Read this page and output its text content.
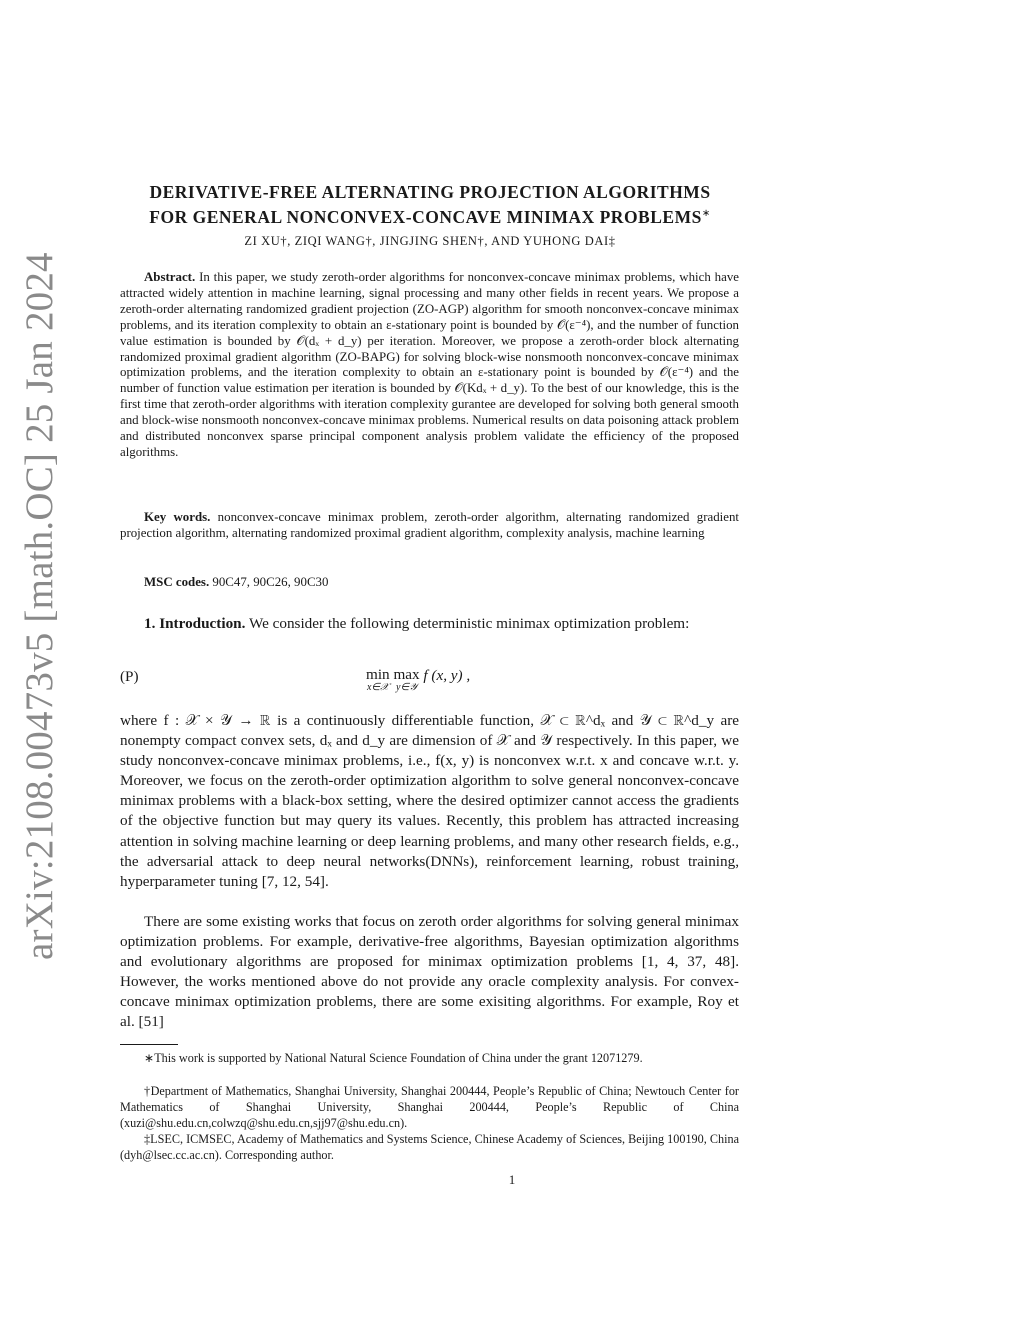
arXiv:2108.00473v5 [math.OC] 25 Jan 2024
DERIVATIVE-FREE ALTERNATING PROJECTION ALGORITHMS
FOR GENERAL NONCONVEX-CONCAVE MINIMAX PROBLEMS∗
ZI XU†, ZIQI WANG†, JINGJING SHEN†, AND YUHONG DAI‡

Abstract. In this paper, we study zeroth-order algorithms for nonconvex-concave minimax problems, which have attracted widely attention in machine learning, signal processing and many other fields in recent years. We propose a zeroth-order alternating randomized gradient projection (ZO-AGP) algorithm for smooth nonconvex-concave minimax problems, and its iteration complexity to obtain an ε-stationary point is bounded by 𝒪(ε⁻⁴), and the number of function value estimation is bounded by 𝒪(dₓ + d_y) per iteration. Moreover, we propose a zeroth-order block alternating randomized proximal gradient algorithm (ZO-BAPG) for solving block-wise nonsmooth nonconvex-concave minimax optimization problems, and the iteration complexity to obtain an ε-stationary point is bounded by 𝒪(ε⁻⁴) and the number of function value estimation per iteration is bounded by 𝒪(Kdₓ + d_y). To the best of our knowledge, this is the first time that zeroth-order algorithms with iteration complexity gurantee are developed for solving both general smooth and block-wise nonsmooth nonconvex-concave minimax problems. Numerical results on data poisoning attack problem and distributed nonconvex sparse principal component analysis problem validate the efficiency of the proposed algorithms.

Key words. nonconvex-concave minimax problem, zeroth-order algorithm, alternating randomized gradient projection algorithm, alternating randomized proximal gradient algorithm, complexity analysis, machine learning

MSC codes. 90C47, 90C26, 90C30

1. Introduction. We consider the following deterministic minimax optimization problem:

(P)	min
x∈𝒳
max
y∈𝒴
f (x, y) ,

where f : 𝒳 × 𝒴 → ℝ is a continuously differentiable function, 𝒳 ⊂ ℝ^dₓ and 𝒴 ⊂ ℝ^d_y are nonempty compact convex sets, dₓ and d_y are dimension of 𝒳 and 𝒴 respectively. In this paper, we study nonconvex-concave minimax problems, i.e., f(x, y) is nonconvex w.r.t. x and concave w.r.t. y. Moreover, we focus on the zeroth-order optimization algorithm to solve general nonconvex-concave minimax problems with a black-box setting, where the desired optimizer cannot access the gradients of the objective function but may query its values. Recently, this problem has attracted increasing attention in solving machine learning or deep learning problems, and many other research fields, e.g., the adversarial attack to deep neural networks(DNNs), reinforcement learning, robust training, hyperparameter tuning [7, 12, 54].

There are some existing works that focus on zeroth order algorithms for solving general minimax optimization problems. For example, derivative-free algorithms, Bayesian optimization algorithms and evolutionary algorithms are proposed for minimax optimization problems [1, 4, 37, 48]. However, the works mentioned above do not provide any oracle complexity analysis. For convex-concave minimax optimization problems, there are some exisiting algorithms. For example, Roy et al. [51]

∗This work is supported by National Natural Science Foundation of China under the grant 12071279.

†Department of Mathematics, Shanghai University, Shanghai 200444, People’s Republic of China; Newtouch Center for Mathematics of Shanghai University, Shanghai 200444, People’s Republic of China (xuzi@shu.edu.cn,colwzq@shu.edu.cn,sjj97@shu.edu.cn).

‡LSEC, ICMSEC, Academy of Mathematics and Systems Science, Chinese Academy of Sciences, Beijing 100190, China (dyh@lsec.cc.ac.cn). Corresponding author.

1
